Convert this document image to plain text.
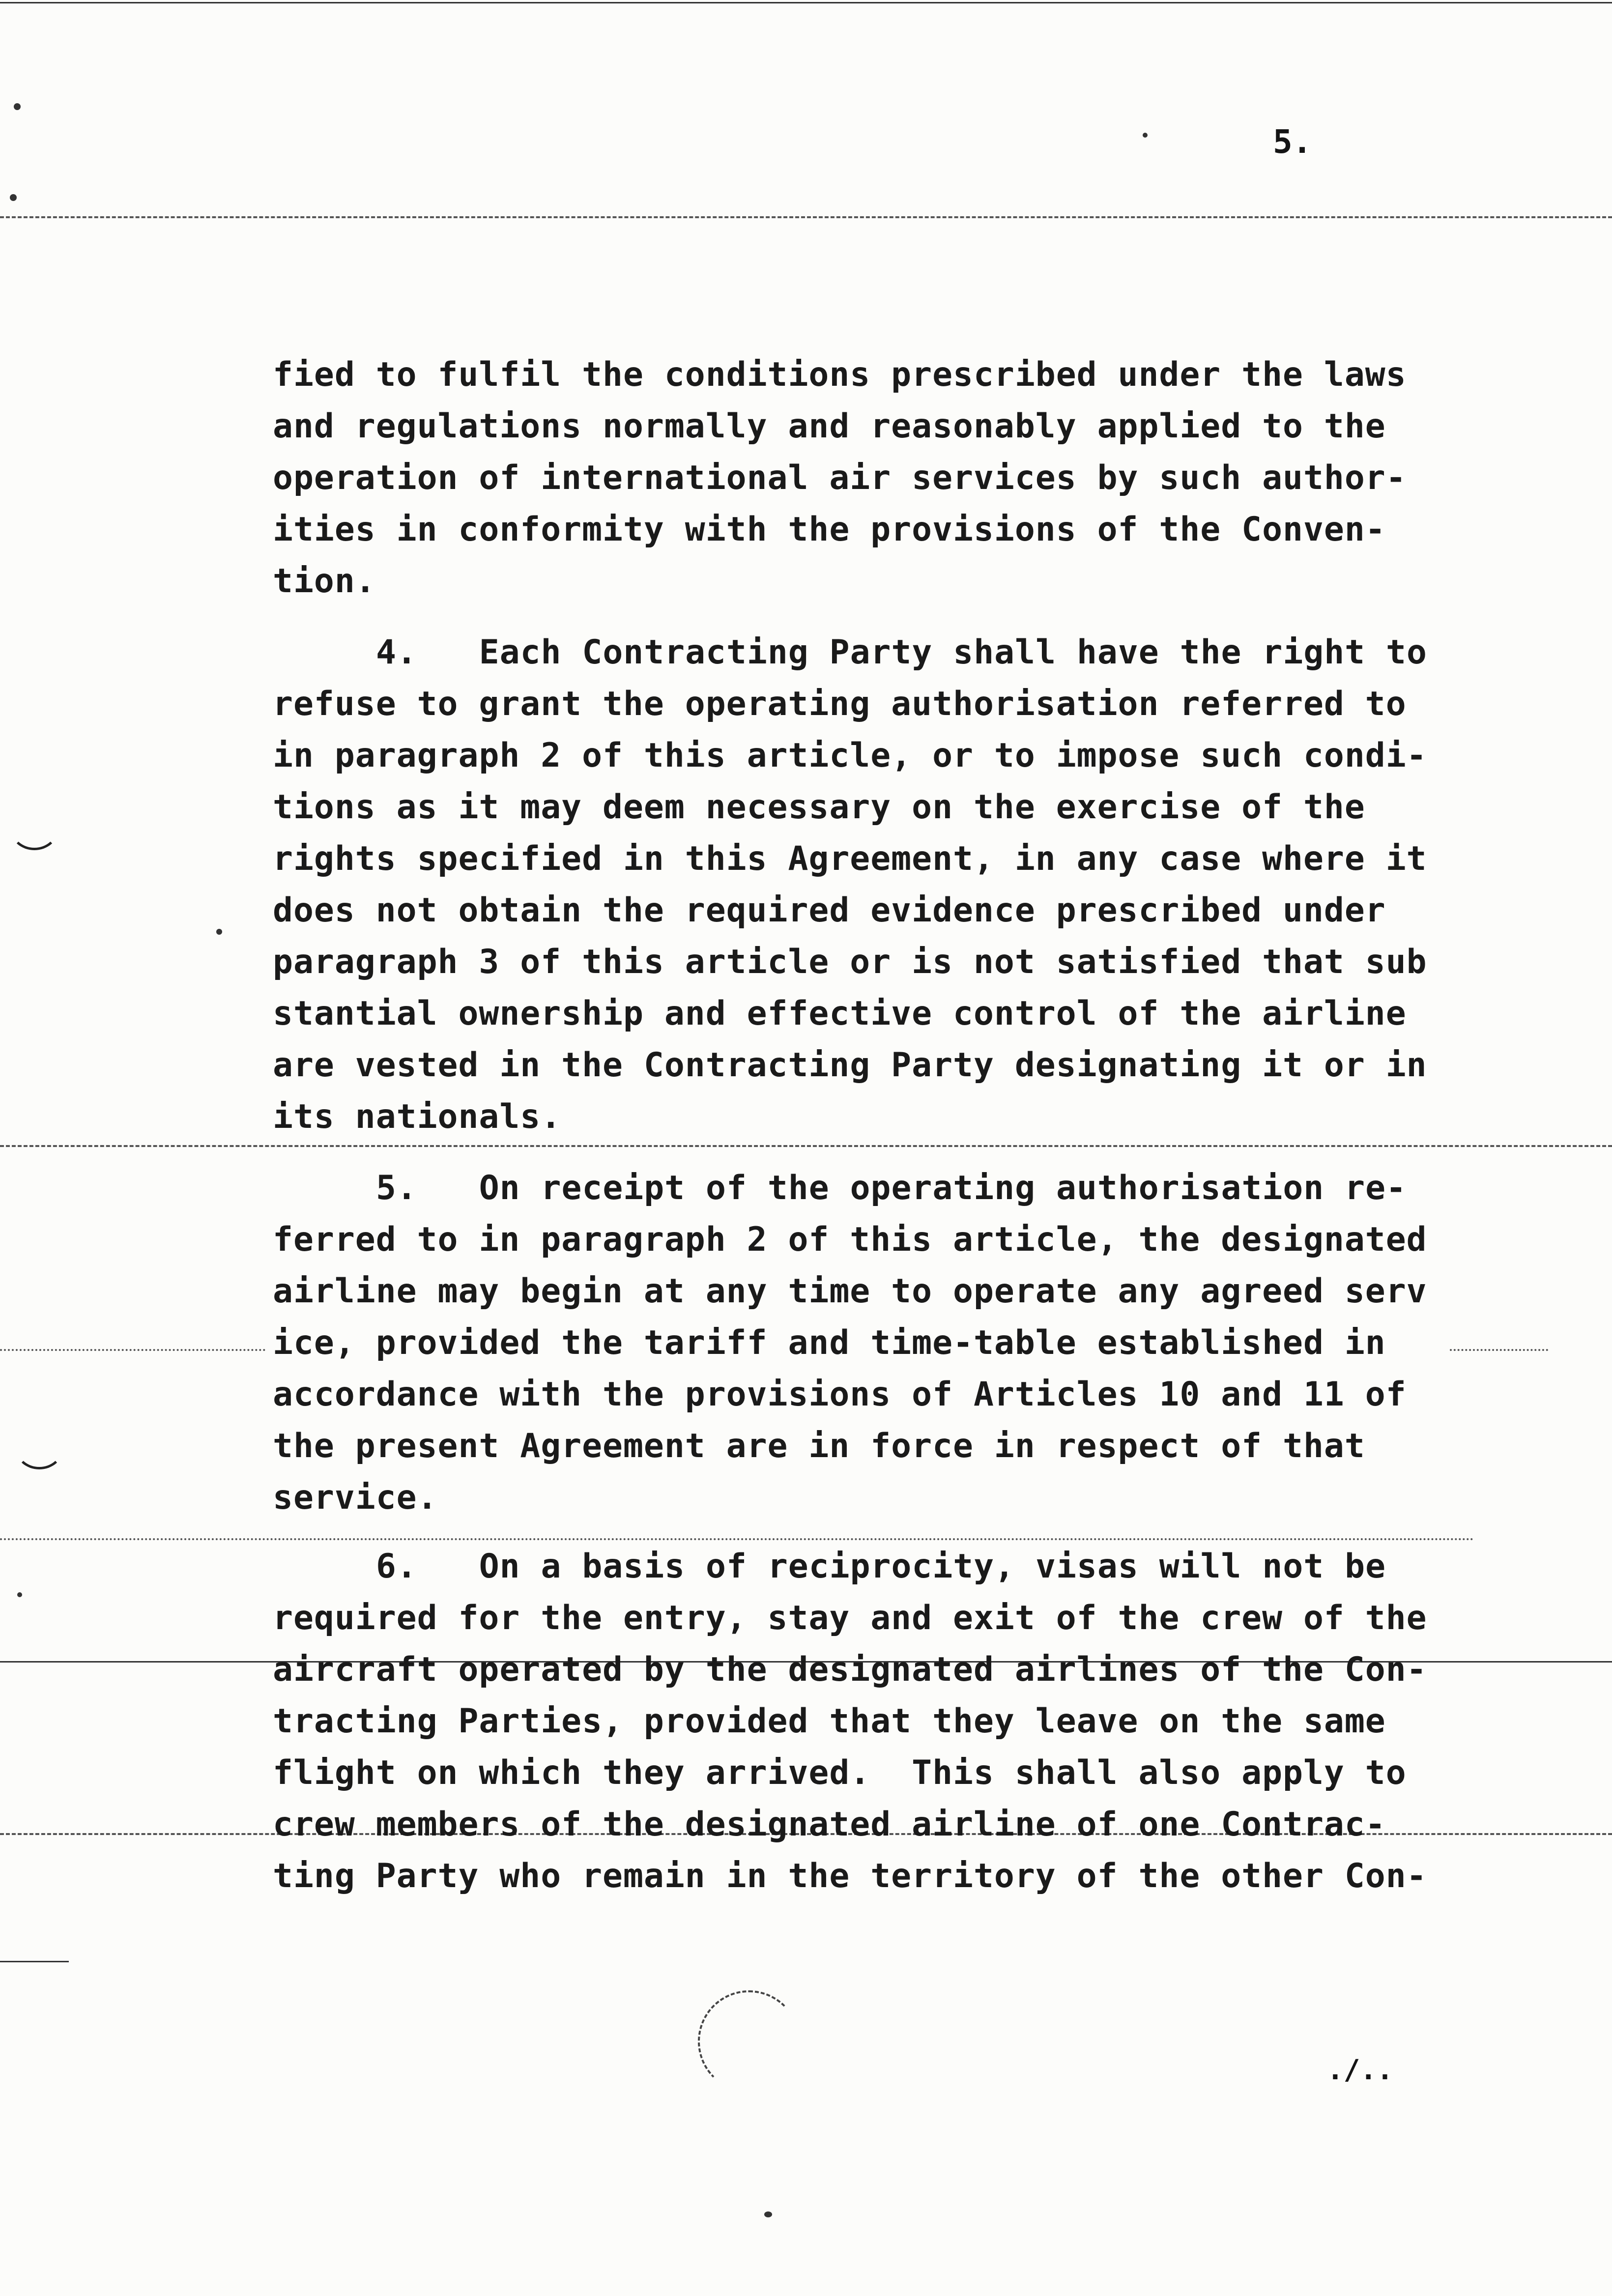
5.
fied to fulfil the conditions prescribed under the laws
and regulations normally and reasonably applied to the
operation of international air services by such author-
ities in conformity with the provisions of the Conven-
tion.
4.   Each Contracting Party shall have the right to
refuse to grant the operating authorisation referred to
in paragraph 2 of this article, or to impose such condi-
tions as it may deem necessary on the exercise of the
rights specified in this Agreement, in any case where it
does not obtain the required evidence prescribed under
paragraph 3 of this article or is not satisfied that sub
stantial ownership and effective control of the airline
are vested in the Contracting Party designating it or in
its nationals.
5.   On receipt of the operating authorisation re-
ferred to in paragraph 2 of this article, the designated
airline may begin at any time to operate any agreed serv
ice, provided the tariff and time-table established in
accordance with the provisions of Articles 10 and 11 of
the present Agreement are in force in respect of that
service.
6.   On a basis of reciprocity, visas will not be
required for the entry, stay and exit of the crew of the
aircraft operated by the designated airlines of the Con-
tracting Parties, provided that they leave on the same
flight on which they arrived.  This shall also apply to
crew members of the designated airline of one Contrac-
ting Party who remain in the territory of the other Con-
./..
